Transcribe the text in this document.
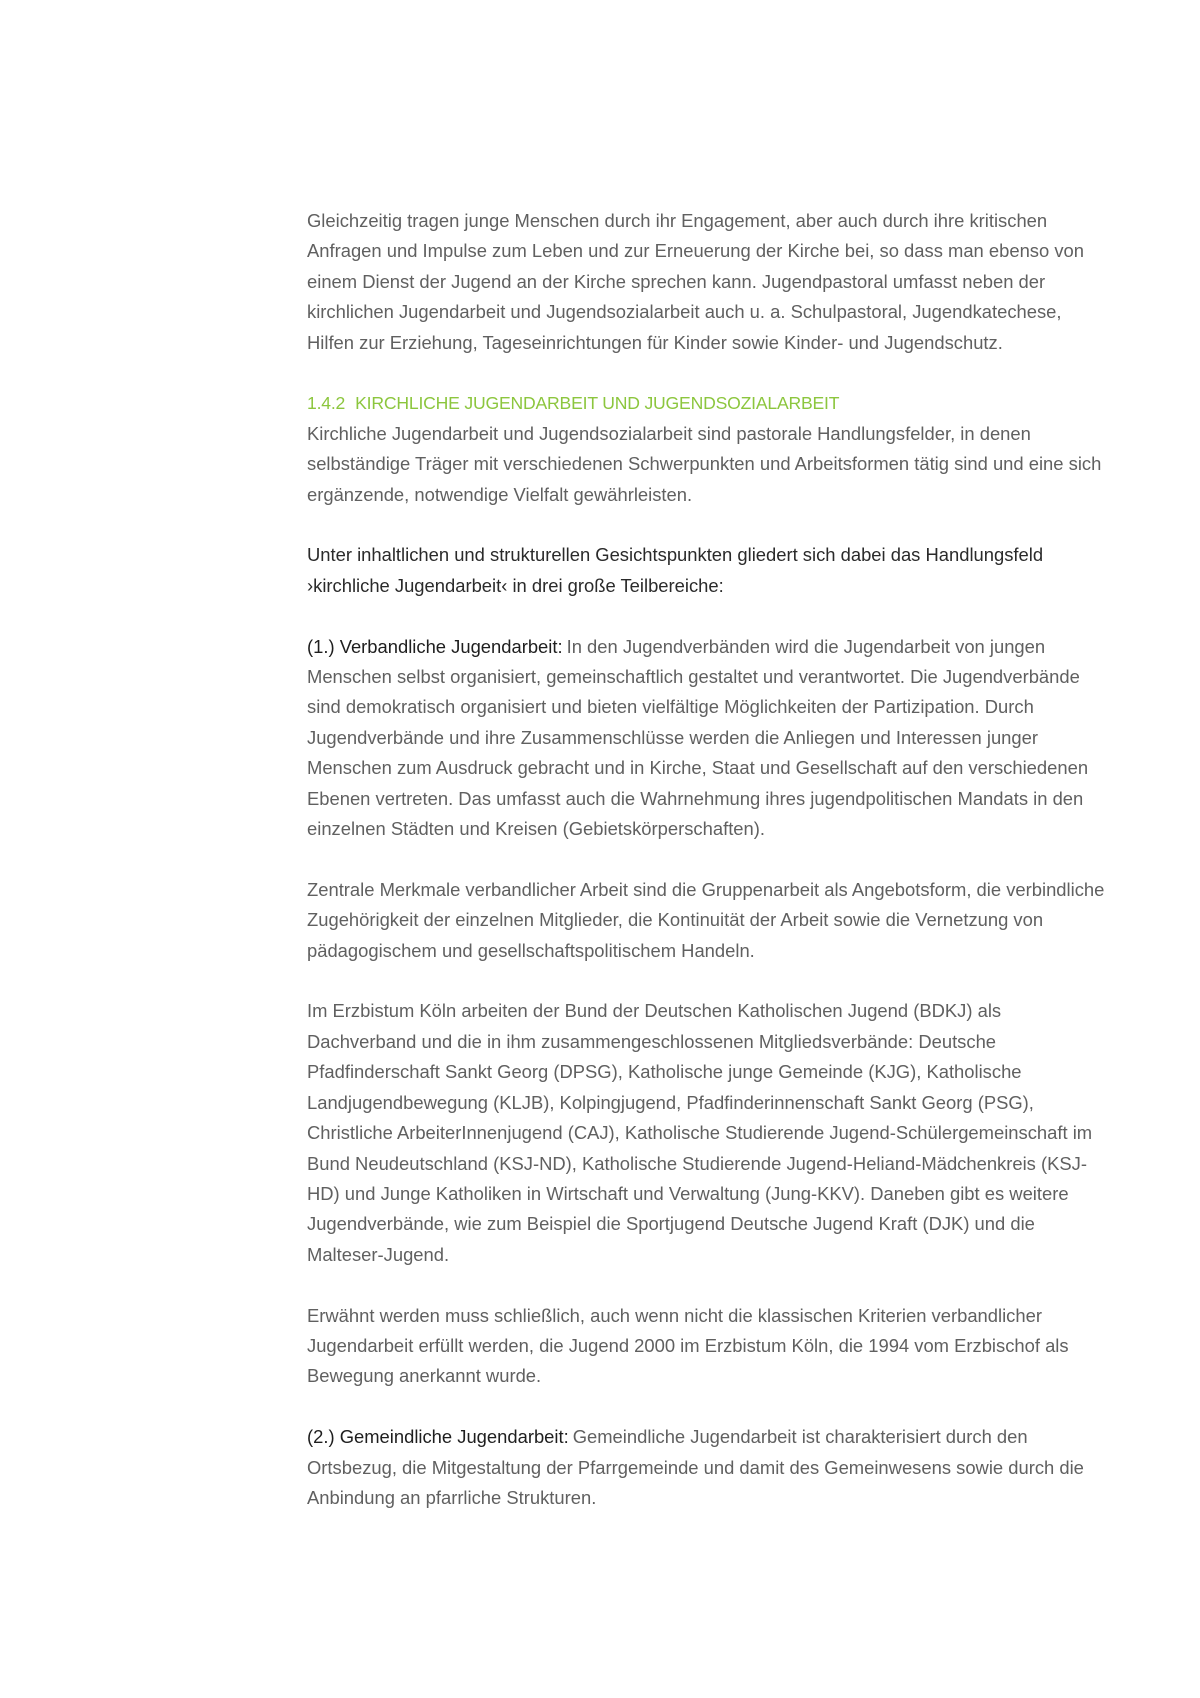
Gleichzeitig tragen junge Menschen durch ihr Engagement, aber auch durch ihre kritischen Anfragen und Impulse zum Leben und zur Erneuerung der Kirche bei, so dass man ebenso von einem Dienst der Jugend an der Kirche sprechen kann. Jugendpastoral umfasst neben der kirchlichen Jugendarbeit und Jugendsozialarbeit auch u. a. Schulpastoral, Jugendkatechese, Hilfen zur Erziehung, Tageseinrichtungen für Kinder sowie Kinder- und Jugendschutz.

1.4.2 KIRCHLICHE JUGENDARBEIT UND JUGENDSOZIALARBEIT

Kirchliche Jugendarbeit und Jugendsozialarbeit sind pastorale Handlungsfelder, in denen selbständige Träger mit verschiedenen Schwerpunkten und Arbeitsformen tätig sind und eine sich ergänzende, notwendige Vielfalt gewährleisten.

Unter inhaltlichen und strukturellen Gesichtspunkten gliedert sich dabei das Handlungsfeld ›kirchliche Jugendarbeit‹ in drei große Teilbereiche:

(1.) Verbandliche Jugendarbeit: In den Jugendverbänden wird die Jugendarbeit von jungen Menschen selbst organisiert, gemeinschaftlich gestaltet und verantwortet. Die Jugendverbände sind demokratisch organisiert und bieten vielfältige Möglichkeiten der Partizipation. Durch Jugendverbände und ihre Zusammenschlüsse werden die Anliegen und Interessen junger Menschen zum Ausdruck gebracht und in Kirche, Staat und Gesellschaft auf den verschiedenen Ebenen vertreten. Das umfasst auch die Wahrnehmung ihres jugendpolitischen Mandats in den einzelnen Städten und Kreisen (Gebietskörperschaften).

Zentrale Merkmale verbandlicher Arbeit sind die Gruppenarbeit als Angebotsform, die verbindliche Zugehörigkeit der einzelnen Mitglieder, die Kontinuität der Arbeit sowie die Vernetzung von pädagogischem und gesellschaftspolitischem Handeln.

Im Erzbistum Köln arbeiten der Bund der Deutschen Katholischen Jugend (BDKJ) als Dachverband und die in ihm zusammengeschlossenen Mitgliedsverbände: Deutsche Pfadfinderschaft Sankt Georg (DPSG), Katholische junge Gemeinde (KJG), Katholische Landjugendbewegung (KLJB), Kolpingjugend, Pfadfinderinnenschaft Sankt Georg (PSG), Christliche ArbeiterInnenjugend (CAJ), Katholische Studierende Jugend-Schülergemeinschaft im Bund Neudeutschland (KSJ-ND), Katholische Studierende Jugend-Heliand-Mädchenkreis (KSJ-HD) und Junge Katholiken in Wirtschaft und Verwaltung (Jung-KKV). Daneben gibt es weitere Jugendverbände, wie zum Beispiel die Sportjugend Deutsche Jugend Kraft (DJK) und die Malteser-Jugend.

Erwähnt werden muss schließlich, auch wenn nicht die klassischen Kriterien verbandlicher Jugendarbeit erfüllt werden, die Jugend 2000 im Erzbistum Köln, die 1994 vom Erzbischof als Bewegung anerkannt wurde.

(2.) Gemeindliche Jugendarbeit: Gemeindliche Jugendarbeit ist charakterisiert durch den Ortsbezug, die Mitgestaltung der Pfarrgemeinde und damit des Gemeinwesens sowie durch die Anbindung an pfarrliche Strukturen.
